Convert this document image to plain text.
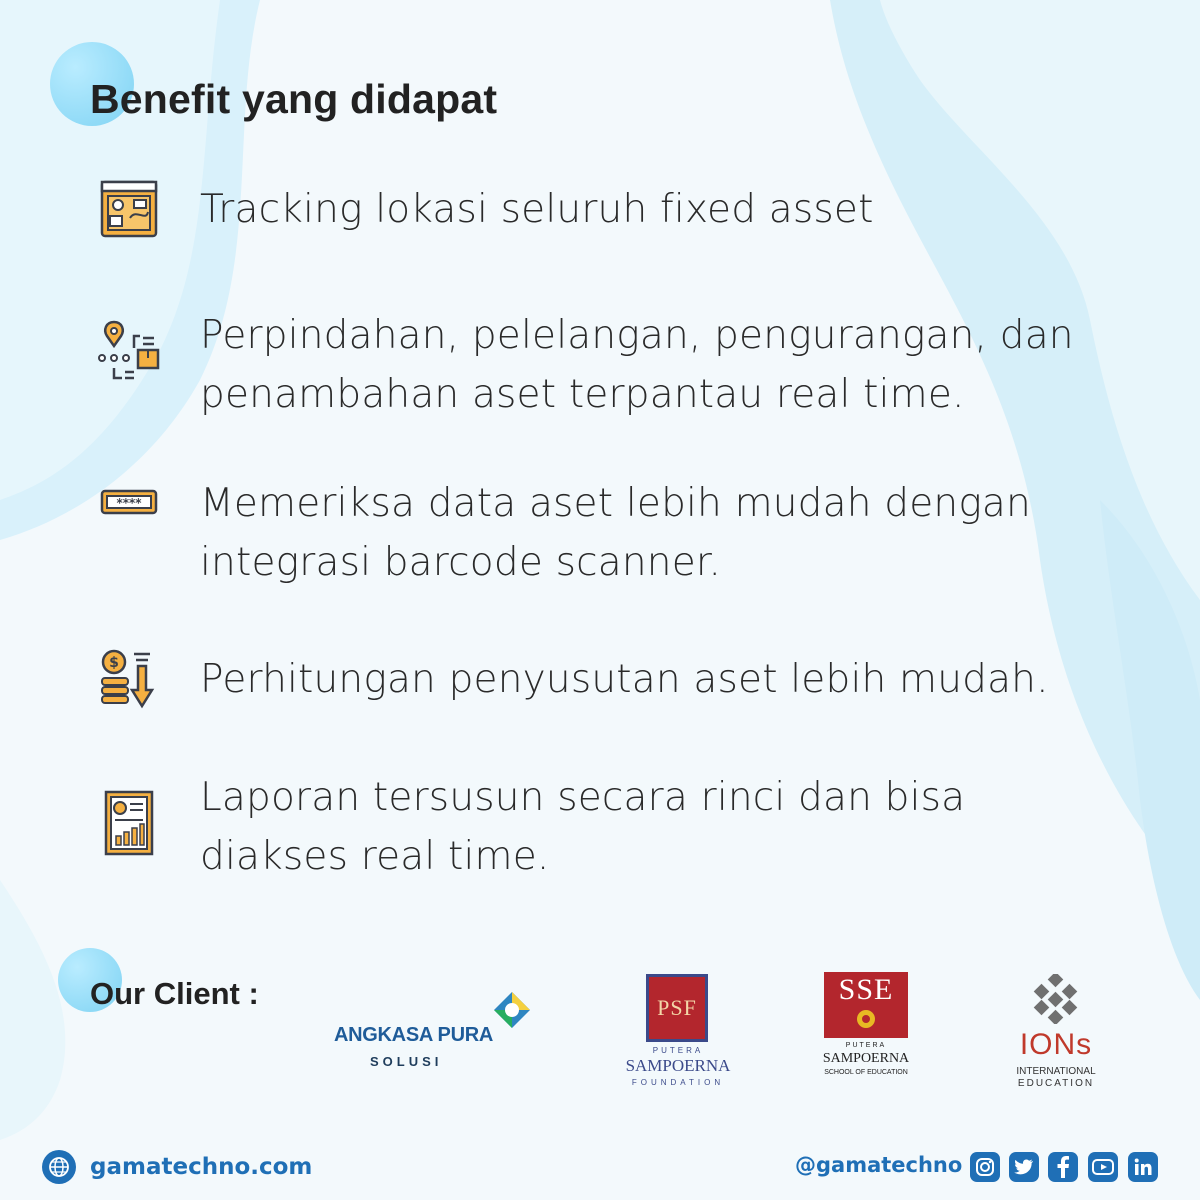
Benefit yang didapat
Tracking lokasi seluruh fixed asset
Perpindahan, pelelangan, pengurangan, dan
penambahan aset terpantau real time.
**** Memeriksa data aset lebih mudah dengan
integrasi barcode scanner.
$ Perhitungan penyusutan aset lebih mudah.
Laporan tersusun secara rinci dan bisa
diakses real time.
Our Client :
ANGKASA PURA
SOLUSI
PSF
PUTERA
SAMPOERNA
FOUNDATION
SSE
PUTERA
SAMPOERNA
SCHOOL OF EDUCATION
IONs
INTERNATIONAL
EDUCATION
gamatechno.com	@gamatechno
